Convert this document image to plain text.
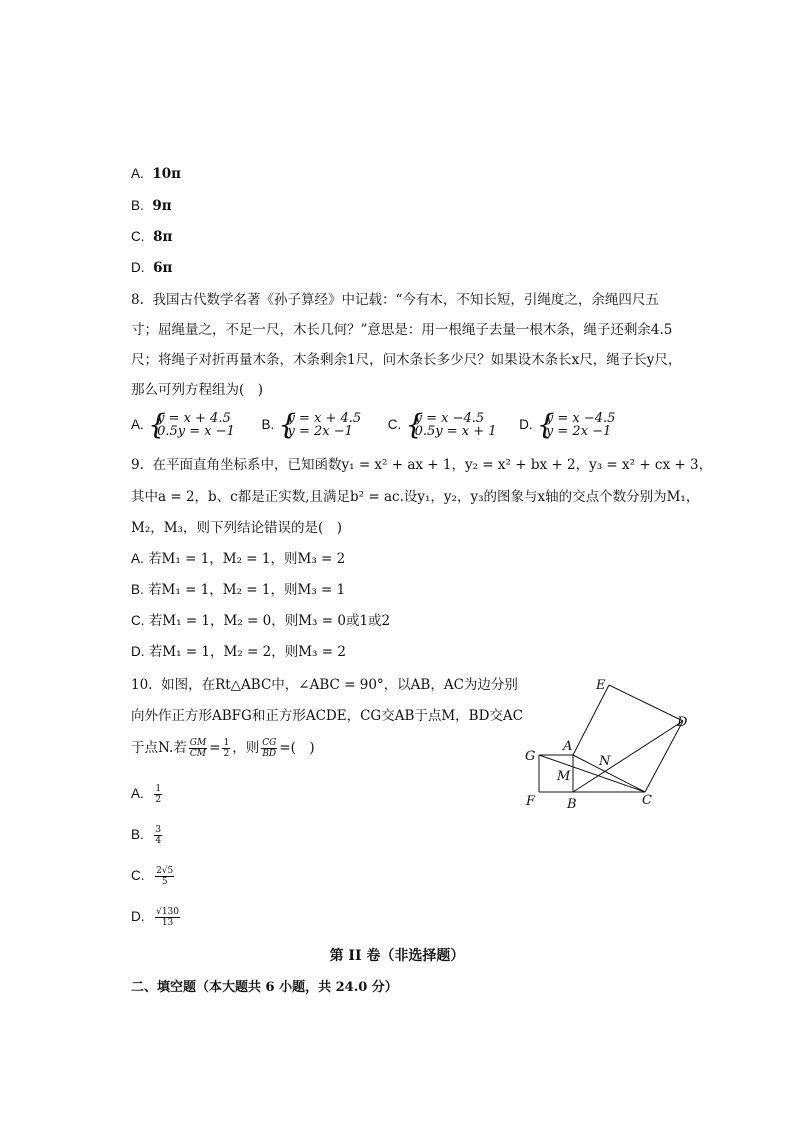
A. 10π
B. 9π
C. 8π
D. 6π
8. 我国古代数学名著《孙子算经》中记载：“今有木，不知长短，引绳度之，余绳四尺五
寸；屈绳量之，不足一尺，木长几何？”意思是：用一根绳子去量一根木条，绳子还剩余4.5
尺；将绳子对折再量木条，木条剩余1尺，问木条长多少尺？如果设木条长x尺，绳子长y尺，
那么可列方程组为(　)
A. {
y = x + 4.5
0.5y = x −1 B. {
y = x + 4.5
y = 2x −1	C. {
y = x −4.5
0.5y = x + 1 D. {
y = x −4.5
y = 2x −1
9. 在平面直角坐标系中，已知函数y₁ = x² + ax + 1，y₂ = x² + bx + 2，y₃ = x² + cx + 3，
其中a = 2，b、c都是正实数,且满足b² = ac.设y₁，y₂，y₃的图象与x轴的交点个数分别为M₁，
M₂，M₃，则下列结论错误的是(　)
A. 若M₁ = 1，M₂ = 1，则M₃ = 2
B. 若M₁ = 1，M₂ = 1，则M₃ = 1
C. 若M₁ = 1，M₂ = 0，则M₃ = 0或1或2
D. 若M₁ = 1，M₂ = 2，则M₃ = 2
10. 如图，在Rt△ABC中，∠ABC = 90°，以AB，AC为边分别
向外作正方形ABFG和正方形ACDE，CG交AB于点M，BD交AC
于点N.若 $\frac{GM}{CM} = \frac{1}{2}$ ，则 $\frac{CG}{BD}$ =(　)
A. $\frac{1}{2}$
B. $\frac{3}{4}$
C. $\frac{2√5}{5}$
D. $\frac{√130}{13}$
E
D
A
G	N
M
F B	C
第 II 卷（非选择题）
二、填空题（本大题共 6 小题，共 24.0 分）
